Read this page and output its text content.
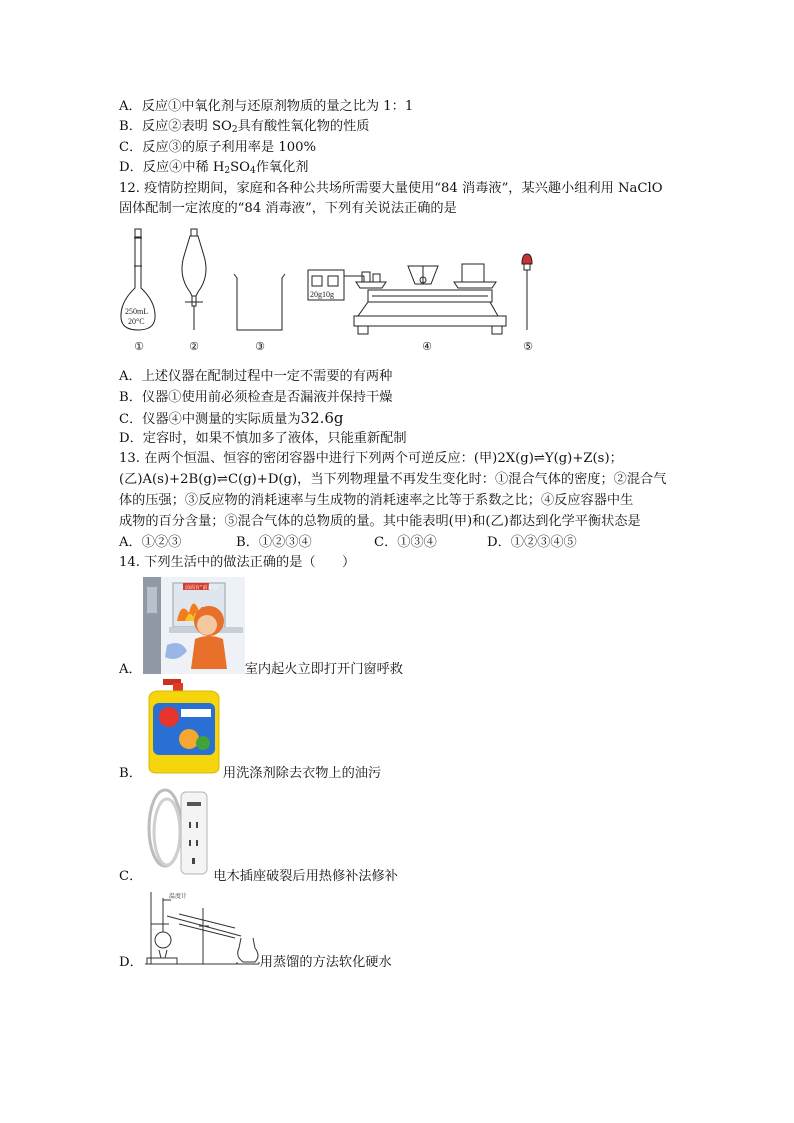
A．反应①中氧化剂与还原剂物质的量之比为 1：1
B．反应②表明 $SO_2$具有酸性氧化物的性质
C．反应③的原子利用率是 100%
D．反应④中稀 $H_2SO_4$作氧化剂
12. 疫情防控期间，家庭和各种公共场所需要大量使用“84 消毒液”，某兴趣小组利用 NaClO
固体配制一定浓度的“84 消毒液”，下列有关说法正确的是
250mL
20°C
20g10g
①	②	③	④	⑤
A．上述仪器在配制过程中一定不需要的有两种
B．仪器①使用前必须检查是否漏液并保持干燥
C．仪器④中测量的实际质量为32.6g
D．定容时，如果不慎加多了液体，只能重新配制
13. 在两个恒温、恒容的密闭容器中进行下列两个可逆反应：(甲)2X(g)⇌Y(g)+Z(s)；
(乙)A(s)+2B(g)⇌C(g)+D(g)，当下列物理量不再发生变化时：①混合气体的密度；②混合气
体的压强；③反应物的消耗速率与生成物的消耗速率之比等于系数之比；④反应容器中生
成物的百分含量；⑤混合气体的总物质的量。其中能表明(甲)和(乙)都达到化学平衡状态是
A．①②③	B．①②③④	C．①③④	D．①②③④⑤
14. 下列生活中的做法正确的是（　　）
前面有“前面有”
A．	室内起火立即打开门窗呼救
B．	用洗涤剂除去衣物上的油污
C．	电木插座破裂后用热修补法修补
温度计
D．	用蒸馏的方法软化硬水
